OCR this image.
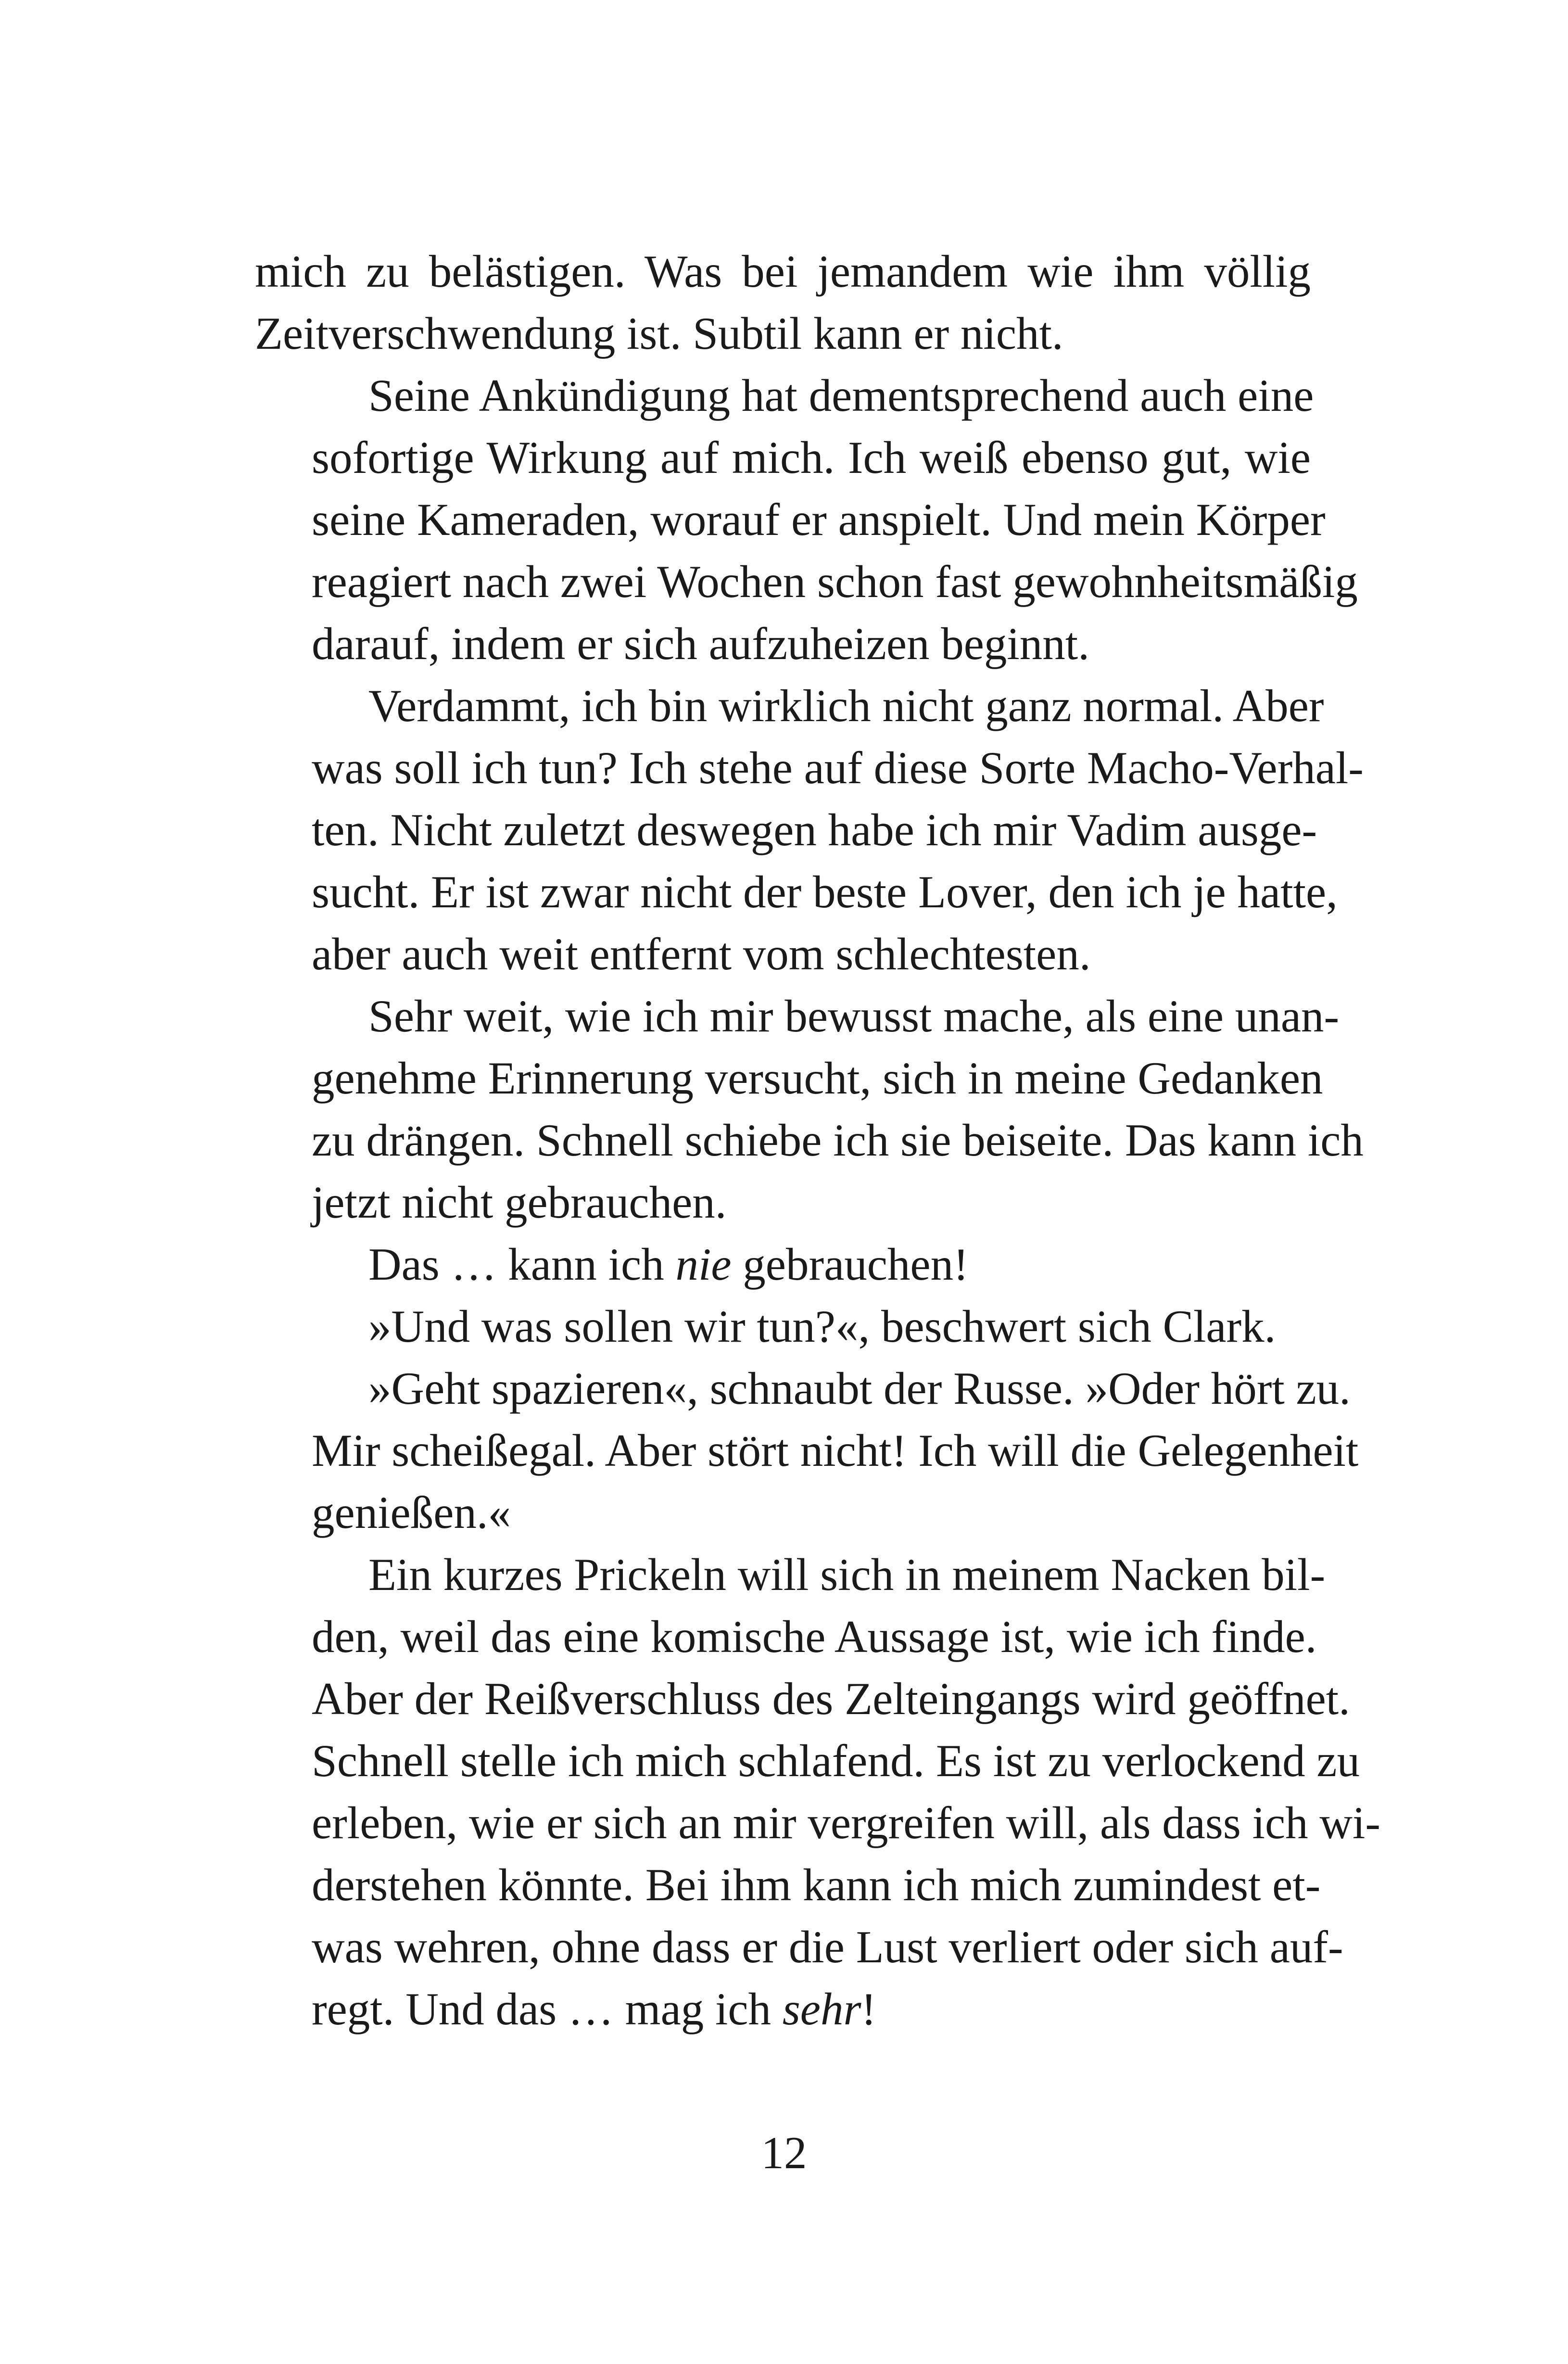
mich zu belästigen. Was bei jemandem wie ihm völlig
Zeitverschwendung ist. Subtil kann er nicht.
Seine Ankündigung hat dementsprechend auch eine
sofortige Wirkung auf mich. Ich weiß ebenso gut, wie
seine Kameraden, worauf er anspielt. Und mein Körper
reagiert nach zwei Wochen schon fast gewohnheitsmäßig
darauf, indem er sich aufzuheizen beginnt.
Verdammt, ich bin wirklich nicht ganz normal. Aber
was soll ich tun? Ich stehe auf diese Sorte Macho-Verhal-
ten. Nicht zuletzt deswegen habe ich mir Vadim ausge-
sucht. Er ist zwar nicht der beste Lover, den ich je hatte,
aber auch weit entfernt vom schlechtesten.
Sehr weit, wie ich mir bewusst mache, als eine unan-
genehme Erinnerung versucht, sich in meine Gedanken
zu drängen. Schnell schiebe ich sie beiseite. Das kann ich
jetzt nicht gebrauchen.
Das … kann ich nie gebrauchen!
»Und was sollen wir tun?«, beschwert sich Clark.
»Geht spazieren«, schnaubt der Russe. »Oder hört zu.
Mir scheißegal. Aber stört nicht! Ich will die Gelegenheit
genießen.«
Ein kurzes Prickeln will sich in meinem Nacken bil-
den, weil das eine komische Aussage ist, wie ich finde.
Aber der Reißverschluss des Zelteingangs wird geöffnet.
Schnell stelle ich mich schlafend. Es ist zu verlockend zu
erleben, wie er sich an mir vergreifen will, als dass ich wi-
derstehen könnte. Bei ihm kann ich mich zumindest et-
was wehren, ohne dass er die Lust verliert oder sich auf-
regt. Und das … mag ich sehr!
12
